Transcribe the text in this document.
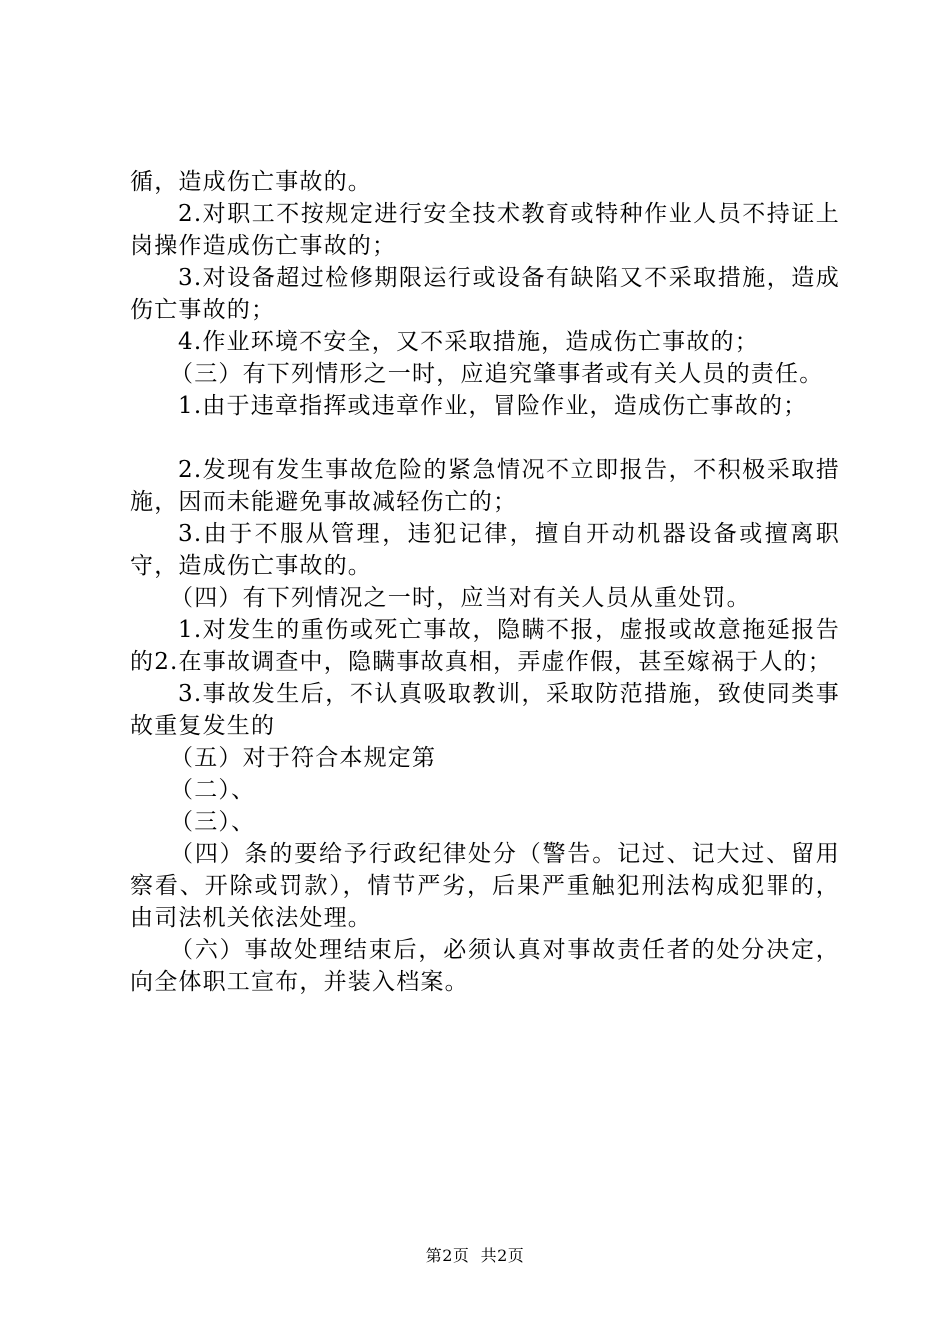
循，造成伤亡事故的。

2.对职工不按规定进行安全技术教育或特种作业人员不持证上岗操作造成伤亡事故的；

3.对设备超过检修期限运行或设备有缺陷又不采取措施，造成伤亡事故的；

4.作业环境不安全，又不采取措施，造成伤亡事故的；

（三）有下列情形之一时，应追究肇事者或有关人员的责任。

1.由于违章指挥或违章作业，冒险作业，造成伤亡事故的；

2.发现有发生事故危险的紧急情况不立即报告，不积极采取措施，因而未能避免事故减轻伤亡的；

3.由于不服从管理，违犯记律，擅自开动机器设备或擅离职守，造成伤亡事故的。

（四）有下列情况之一时，应当对有关人员从重处罚。

1.对发生的重伤或死亡事故，隐瞒不报，虚报或故意拖延报告的2.在事故调查中，隐瞒事故真相，弄虚作假，甚至嫁祸于人的；

3.事故发生后，不认真吸取教训，采取防范措施，致使同类事故重复发生的

（五）对于符合本规定第

（二）、

（三）、

（四）条的要给予行政纪律处分（警告。记过、记大过、留用察看、开除或罚款），情节严劣，后果严重触犯刑法构成犯罪的，由司法机关依法处理。

（六）事故处理结束后，必须认真对事故责任者的处分决定，向全体职工宣布，并装入档案。

第2页  共2页
